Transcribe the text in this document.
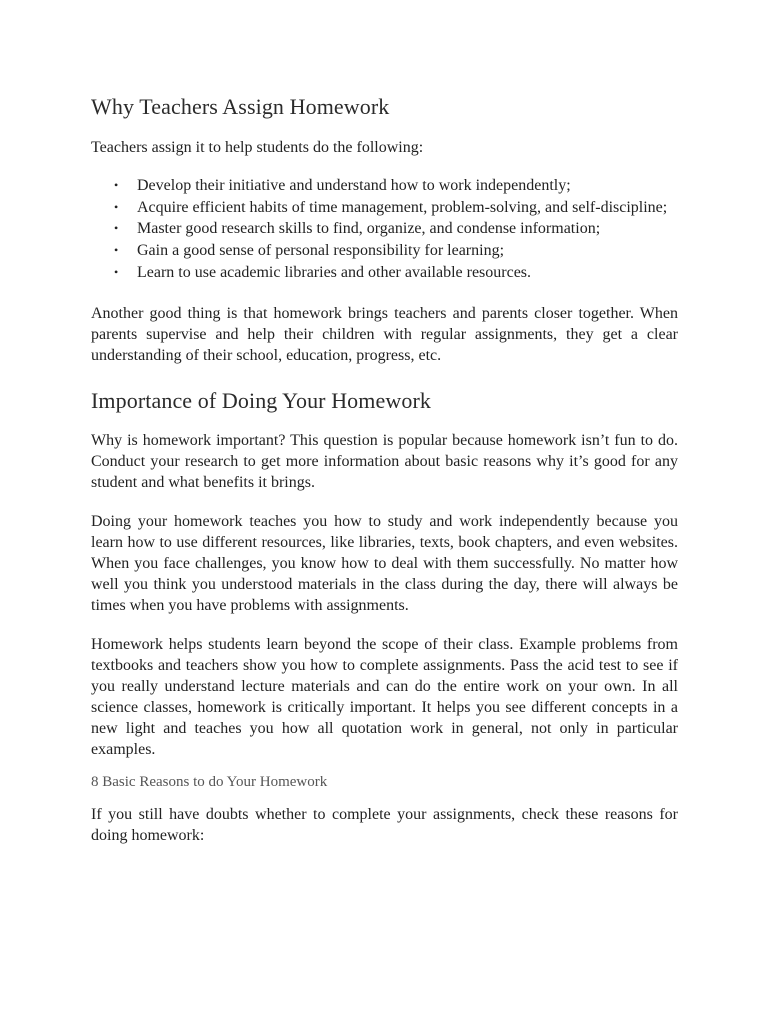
Why Teachers Assign Homework

Teachers assign it to help students do the following:

• Develop their initiative and understand how to work independently;
• Acquire efficient habits of time management, problem-solving, and self-discipline;
• Master good research skills to find, organize, and condense information;
• Gain a good sense of personal responsibility for learning;
• Learn to use academic libraries and other available resources.

Another good thing is that homework brings teachers and parents closer together. When parents supervise and help their children with regular assignments, they get a clear understanding of their school, education, progress, etc.

Importance of Doing Your Homework

Why is homework important? This question is popular because homework isn’t fun to do. Conduct your research to get more information about basic reasons why it’s good for any student and what benefits it brings.

Doing your homework teaches you how to study and work independently because you learn how to use different resources, like libraries, texts, book chapters, and even websites. When you face challenges, you know how to deal with them successfully. No matter how well you think you understood materials in the class during the day, there will always be times when you have problems with assignments.

Homework helps students learn beyond the scope of their class. Example problems from textbooks and teachers show you how to complete assignments. Pass the acid test to see if you really understand lecture materials and can do the entire work on your own. In all science classes, homework is critically important. It helps you see different concepts in a new light and teaches you how all quotation work in general, not only in particular examples.

8 Basic Reasons to do Your Homework

If you still have doubts whether to complete your assignments, check these reasons for doing homework:
